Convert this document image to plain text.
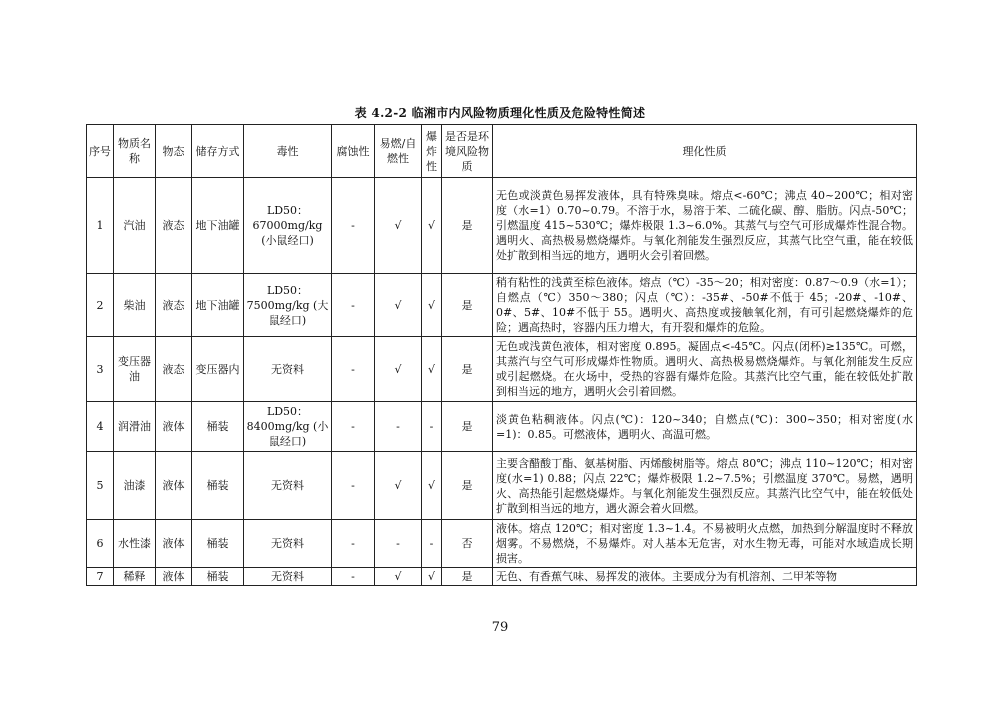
表 4.2-2 临湘市内风险物质理化性质及危险特性简述
序号	物质名称	物态	储存方式	毒性	腐蚀性	易燃/自燃性	爆炸性	是否是环境风险物质	理化性质
1	汽油	液态	地下油罐	LD50：67000mg/kg (小鼠经口)	-	√	√	是	无色或淡黄色易挥发液体，具有特殊臭味。熔点<-60℃；沸点 40~200℃；相对密度（水=1）0.70~0.79。不溶于水，易溶于苯、二硫化碳、醇、脂肪。闪点-50℃；引燃温度 415~530℃；爆炸极限 1.3~6.0%。其蒸气与空气可形成爆炸性混合物。遇明火、高热极易燃烧爆炸。与氧化剂能发生强烈反应，其蒸气比空气重，能在较低处扩散到相当远的地方，遇明火会引着回燃。
2	柴油	液态	地下油罐	LD50：7500mg/kg (大鼠经口)	-	√	√	是	稍有粘性的浅黄至棕色液体。熔点（℃）-35～20；相对密度：0.87～0.9（水=1）；自燃点（℃）350～380；闪点（℃）：-35#、-50#不低于 45；-20#、-10#、0#、5#、10#不低于 55。遇明火、高热度或接触氧化剂，有可引起燃烧爆炸的危险；遇高热时，容器内压力增大，有开裂和爆炸的危险。
3	变压器油	液态	变压器内	无资料	-	√	√	是	无色或浅黄色液体，相对密度 0.895。凝固点<-45℃。闪点(闭杯)≥135℃。可燃，其蒸汽与空气可形成爆炸性物质。遇明火、高热极易燃烧爆炸。与氧化剂能发生反应或引起燃烧。在火场中，受热的容器有爆炸危险。其蒸汽比空气重，能在较低处扩散到相当远的地方，遇明火会引着回燃。
4	润滑油	液体	桶装	LD50：8400mg/kg (小鼠经口)	-	-	-	是	淡黄色粘稠液体。闪点(℃)：120~340；自燃点(℃)：300~350；相对密度(水=1)：0.85。可燃液体，遇明火、高温可燃。
5	油漆	液体	桶装	无资料	-	√	√	是	主要含醋酸丁酯、氨基树脂、丙烯酸树脂等。熔点 80℃；沸点 110~120℃；相对密度(水=1) 0.88；闪点 22℃；爆炸极限 1.2~7.5%；引燃温度 370℃。易燃，遇明火、高热能引起燃烧爆炸。与氧化剂能发生强烈反应。其蒸汽比空气中，能在较低处扩散到相当远的地方，遇火源会着火回燃。
6	水性漆	液体	桶装	无资料	-	-	-	否	液体。熔点 120℃；相对密度 1.3~1.4。不易被明火点燃，加热到分解温度时不释放烟雾。不易燃烧，不易爆炸。对人基本无危害，对水生物无毒，可能对水域造成长期损害。
7	稀释	液体	桶装	无资料	-	√	√	是	无色、有香蕉气味、易挥发的液体。主要成分为有机溶剂、二甲苯等物
79
